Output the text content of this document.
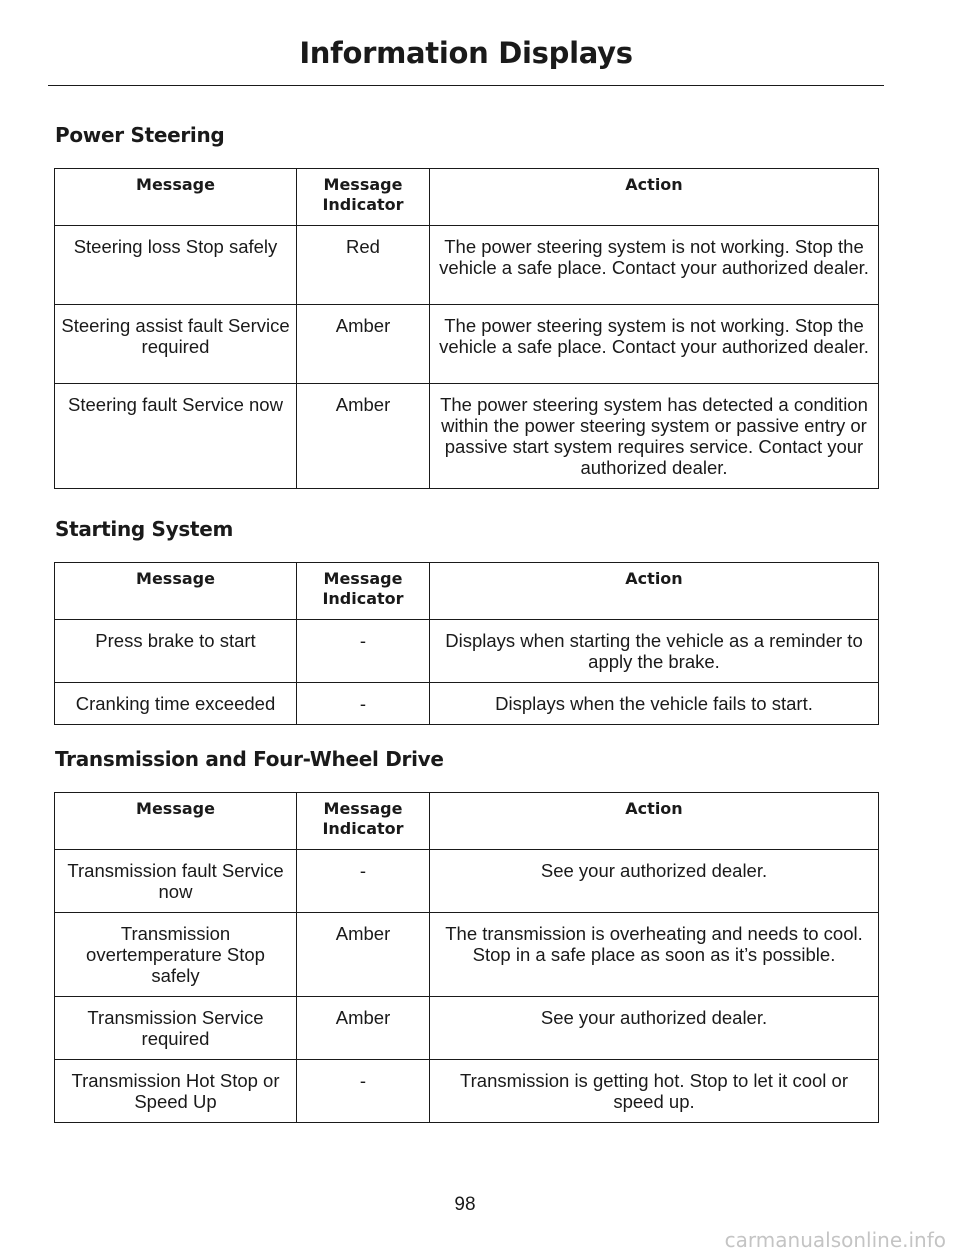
Information Displays
Power Steering
Message	Message Indicator	Action
Steering loss Stop safely	Red	The power steering system is not working. Stop the vehicle a safe place. Contact your authorized dealer.
Steering assist fault Service required	Amber	The power steering system is not working. Stop the vehicle a safe place. Contact your authorized dealer.
Steering fault Service now	Amber	The power steering system has detected a condition within the power steering system or passive entry or passive start system requires service. Contact your authorized dealer.
Starting System
Message	Message Indicator	Action
Press brake to start	-	Displays when starting the vehicle as a reminder to apply the brake.
Cranking time exceeded	-	Displays when the vehicle fails to start.
Transmission and Four-Wheel Drive
Message	Message Indicator	Action
Transmission fault Service now	-	See your authorized dealer.
Transmission overtemperature Stop safely	Amber	The transmission is overheating and needs to cool. Stop in a safe place as soon as it’s possible.
Transmission Service required	Amber	See your authorized dealer.
Transmission Hot Stop or Speed Up	-	Transmission is getting hot. Stop to let it cool or speed up.
98
carmanualsonline.info
